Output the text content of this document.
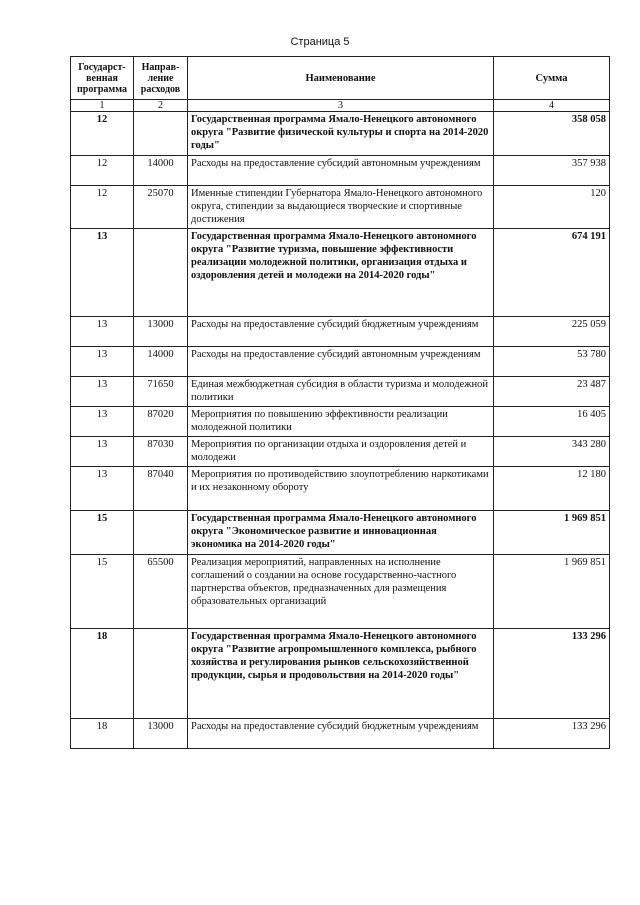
Страница 5
Государст-венная программа	Направ-ление расходов	Наименование	Сумма
1	2	3	4
12		Государственная программа Ямало-Ненецкого автономного округа "Развитие физической культуры и спорта на 2014-2020 годы"	358 058
12	14000	Расходы на предоставление субсидий автономным учреждениям	357 938
12	25070	Именные стипендии Губернатора Ямало-Ненецкого автономного округа, стипендии за выдающиеся творческие и спортивные достижения	120
13		Государственная программа Ямало-Ненецкого автономного округа "Развитие туризма, повышение эффективности реализации молодежной политики, организация отдыха и оздоровления детей и молодежи на 2014-2020 годы"	674 191
13	13000	Расходы на предоставление субсидий бюджетным учреждениям	225 059
13	14000	Расходы на предоставление субсидий автономным учреждениям	53 780
13	71650	Единая межбюджетная субсидия в области туризма и молодежной политики	23 487
13	87020	Мероприятия по повышению эффективности реализации молодежной политики	16 405
13	87030	Мероприятия по организации отдыха и оздоровления детей и молодежи	343 280
13	87040	Мероприятия по противодействию злоупотреблению наркотиками и их незаконному обороту	12 180
15		Государственная программа Ямало-Ненецкого автономного округа "Экономическое развитие и инновационная экономика на 2014-2020 годы"	1 969 851
15	65500	Реализация мероприятий, направленных на исполнение соглашений о создании на основе государственно-частного партнерства объектов, предназначенных для размещения образовательных организаций	1 969 851
18		Государственная программа Ямало-Ненецкого автономного округа "Развитие агропромышленного комплекса, рыбного хозяйства и регулирования рынков сельскохозяйственной продукции, сырья и продовольствия на 2014-2020 годы"	133 296
18	13000	Расходы на предоставление субсидий бюджетным учреждениям	133 296
